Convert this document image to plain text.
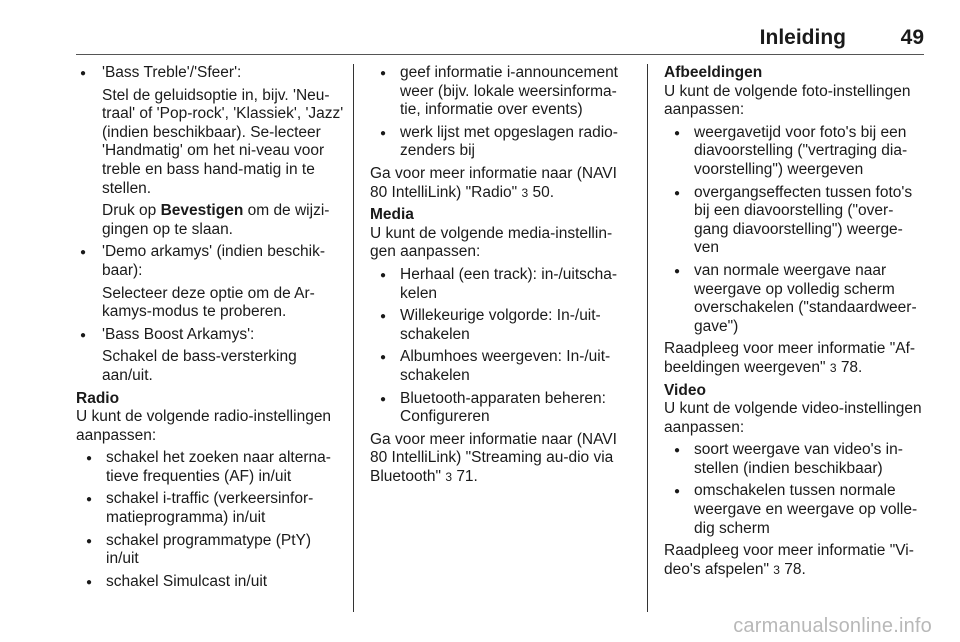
Inleiding	49

● 'Bass Treble'/'Sfeer':

Stel de geluidsoptie in, bijv. 'Neu-traal' of 'Pop-rock', 'Klassiek', 'Jazz' (indien beschikbaar). Se-lecteer 'Handmatig' om het ni-veau voor treble en bass hand-matig in te stellen.

Druk op Bevestigen om de wijzi-gingen op te slaan.

● 'Demo arkamys' (indien beschik-baar):

Selecteer deze optie om de Ar-kamys-modus te proberen.

● 'Bass Boost Arkamys':

Schakel de bass-versterking aan/uit.

Radio

U kunt de volgende radio-instellingen aanpassen:

● schakel het zoeken naar alterna-tieve frequenties (AF) in/uit
● schakel i-traffic (verkeersinfor-matieprogramma) in/uit
● schakel programmatype (PtY) in/uit
● schakel Simulcast in/uit
● geef informatie i-announcement weer (bijv. lokale weersinforma-tie, informatie over events)
● werk lijst met opgeslagen radio-zenders bij

Ga voor meer informatie naar (NAVI 80 IntelliLink) "Radio" 3 50.

Media

U kunt de volgende media-instellin-gen aanpassen:

● Herhaal (een track): in-/uitscha-kelen
● Willekeurige volgorde: In-/uit-schakelen
● Albumhoes weergeven: In-/uit-schakelen
● Bluetooth-apparaten beheren: Configureren

Ga voor meer informatie naar (NAVI 80 IntelliLink) "Streaming au-dio via Bluetooth" 3 71.

Afbeeldingen

U kunt de volgende foto-instellingen aanpassen:

● weergavetijd voor foto's bij een diavoorstelling ("vertraging dia-voorstelling") weergeven
● overgangseffecten tussen foto's bij een diavoorstelling ("over-gang diavoorstelling") weerge-ven
● van normale weergave naar weergave op volledig scherm overschakelen ("standaardweer-gave")

Raadpleeg voor meer informatie "Af-beeldingen weergeven" 3 78.

Video

U kunt de volgende video-instellingen aanpassen:

● soort weergave van video's in-stellen (indien beschikbaar)
● omschakelen tussen normale weergave en weergave op volle-dig scherm

Raadpleeg voor meer informatie "Vi-deo's afspelen" 3 78.

carmanualsonline.info
